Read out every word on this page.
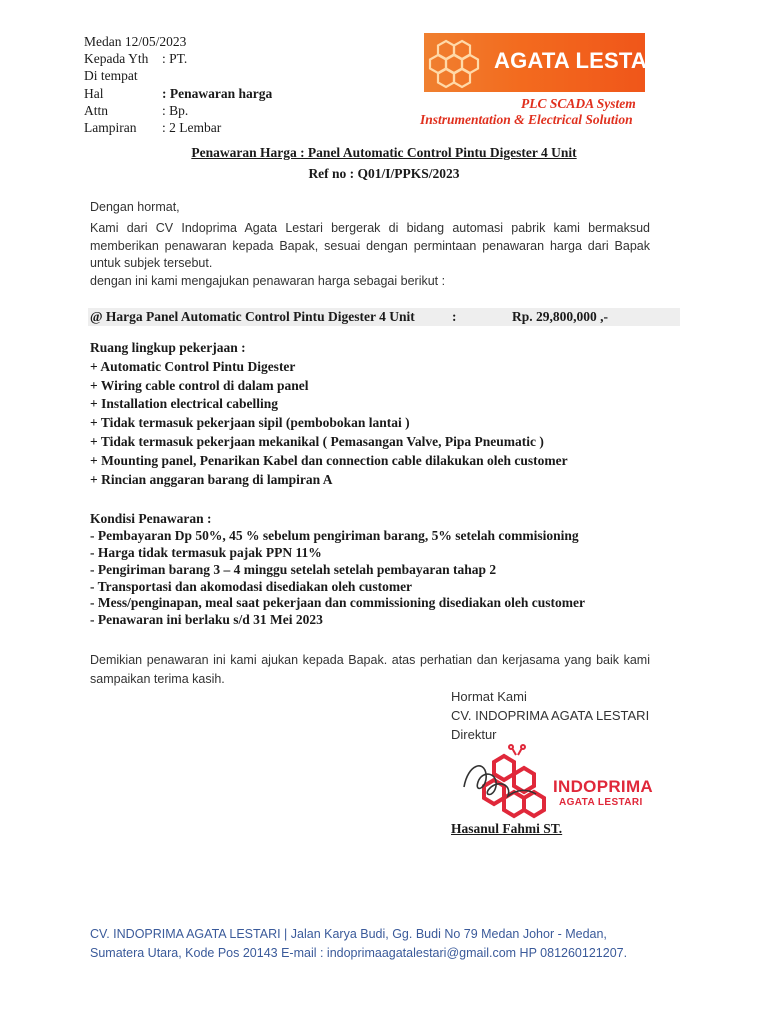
Medan 12/05/2023
Kepada Yth : PT.
Di tempat
Hal	: Penawaran harga
Attn	: Bp.
Lampiran : 2 Lembar
AGATA LESTARI
PLC SCADA System
Instrumentation & Electrical Solution
Penawaran Harga : Panel Automatic Control Pintu Digester 4 Unit
Ref no : Q01/I/PPKS/2023
Dengan hormat,
Kami dari CV Indoprima Agata Lestari bergerak di bidang automasi pabrik kami bermaksud memberikan penawaran kepada Bapak, sesuai dengan permintaan penawaran harga dari Bapak untuk subjek tersebut.
dengan ini kami mengajukan penawaran harga sebagai berikut :
@ Harga Panel Automatic Control Pintu Digester 4 Unit	:	Rp. 29,800,000 ,-
Ruang lingkup pekerjaan :
+ Automatic Control Pintu Digester
+ Wiring cable control di dalam panel
+ Installation electrical cabelling
+ Tidak termasuk pekerjaan sipil (pembobokan lantai )
+ Tidak termasuk pekerjaan mekanikal ( Pemasangan Valve, Pipa Pneumatic )
+ Mounting panel, Penarikan Kabel dan connection cable dilakukan oleh customer
+ Rincian anggaran barang di lampiran A
Kondisi Penawaran :
- Pembayaran Dp 50%, 45 % sebelum pengiriman barang, 5% setelah commisioning
- Harga tidak termasuk pajak PPN 11%
- Pengiriman barang 3 – 4 minggu setelah setelah pembayaran tahap 2
- Transportasi dan akomodasi disediakan oleh customer
- Mess/penginapan, meal saat pekerjaan dan commissioning disediakan oleh customer
- Penawaran ini berlaku s/d 31 Mei 2023
Demikian penawaran ini kami ajukan kepada Bapak. atas perhatian dan kerjasama yang baik kami sampaikan terima kasih.
Hormat Kami
CV. INDOPRIMA AGATA LESTARI
Direktur
INDOPRIMA
AGATA LESTARI
Hasanul Fahmi ST.
CV. INDOPRIMA AGATA LESTARI | Jalan Karya Budi, Gg. Budi No 79 Medan Johor - Medan,
Sumatera Utara, Kode Pos 20143 E-mail : indoprimaagatalestari@gmail.com HP 081260121207.
